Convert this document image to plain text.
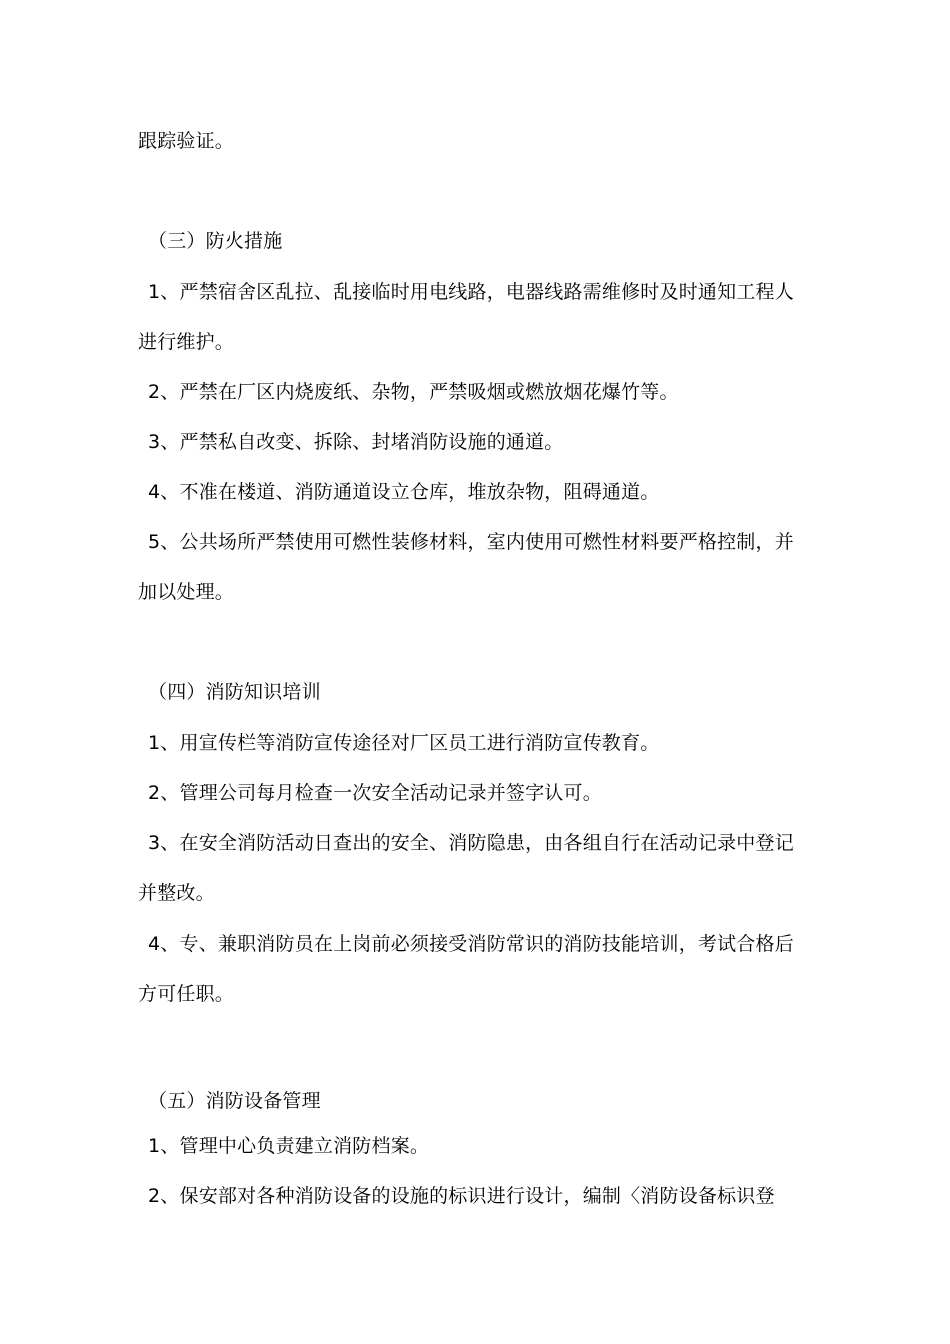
跟踪验证。
（三）防火措施
1、严禁宿舍区乱拉、乱接临时用电线路，电器线路需维修时及时通知工程人
进行维护。
2、严禁在厂区内烧废纸、杂物，严禁吸烟或燃放烟花爆竹等。
3、严禁私自改变、拆除、封堵消防设施的通道。
4、不准在楼道、消防通道设立仓库，堆放杂物，阻碍通道。
5、公共场所严禁使用可燃性装修材料，室内使用可燃性材料要严格控制，并
加以处理。
（四）消防知识培训
1、用宣传栏等消防宣传途径对厂区员工进行消防宣传教育。
2、管理公司每月检查一次安全活动记录并签字认可。
3、在安全消防活动日查出的安全、消防隐患，由各组自行在活动记录中登记
并整改。
4、专、兼职消防员在上岗前必须接受消防常识的消防技能培训，考试合格后
方可任职。
（五）消防设备管理
1、管理中心负责建立消防档案。
2、保安部对各种消防设备的设施的标识进行设计，编制〈消防设备标识登
